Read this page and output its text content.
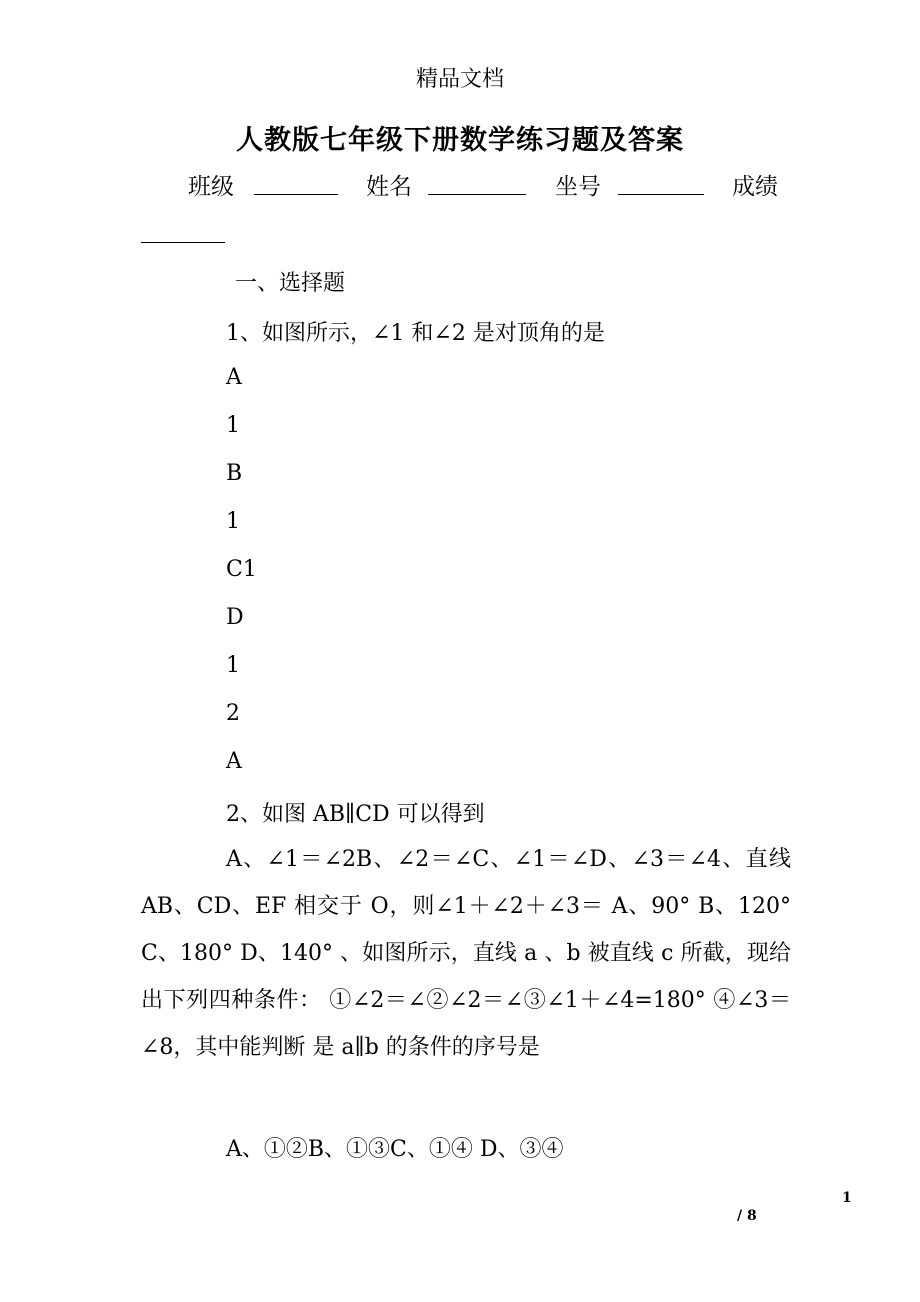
精品文档
人教版七年级下册数学练习题及答案
班级	姓名	坐号	成绩
一、选择题
1、如图所示，∠1 和∠2 是对顶角的是
A
1
B
1
C1
D
1
2
A
2、如图 AB∥CD 可以得到
A、∠1＝∠2B、∠2＝∠C、∠1＝∠D、∠3＝∠4、直线 AB、CD、EF 相交于 O，则∠1＋∠2＋∠3＝ A、90° B、120° C、180° D、140° 、如图所示，直线 a 、b 被直线 c 所截，现给出下列四种条件： ①∠2＝∠②∠2＝∠③∠1＋∠4=180° ④∠3＝∠8，其中能判断 是 a∥b 的条件的序号是
A、①②B、①③C、①④ D、③④
1
/ 8
